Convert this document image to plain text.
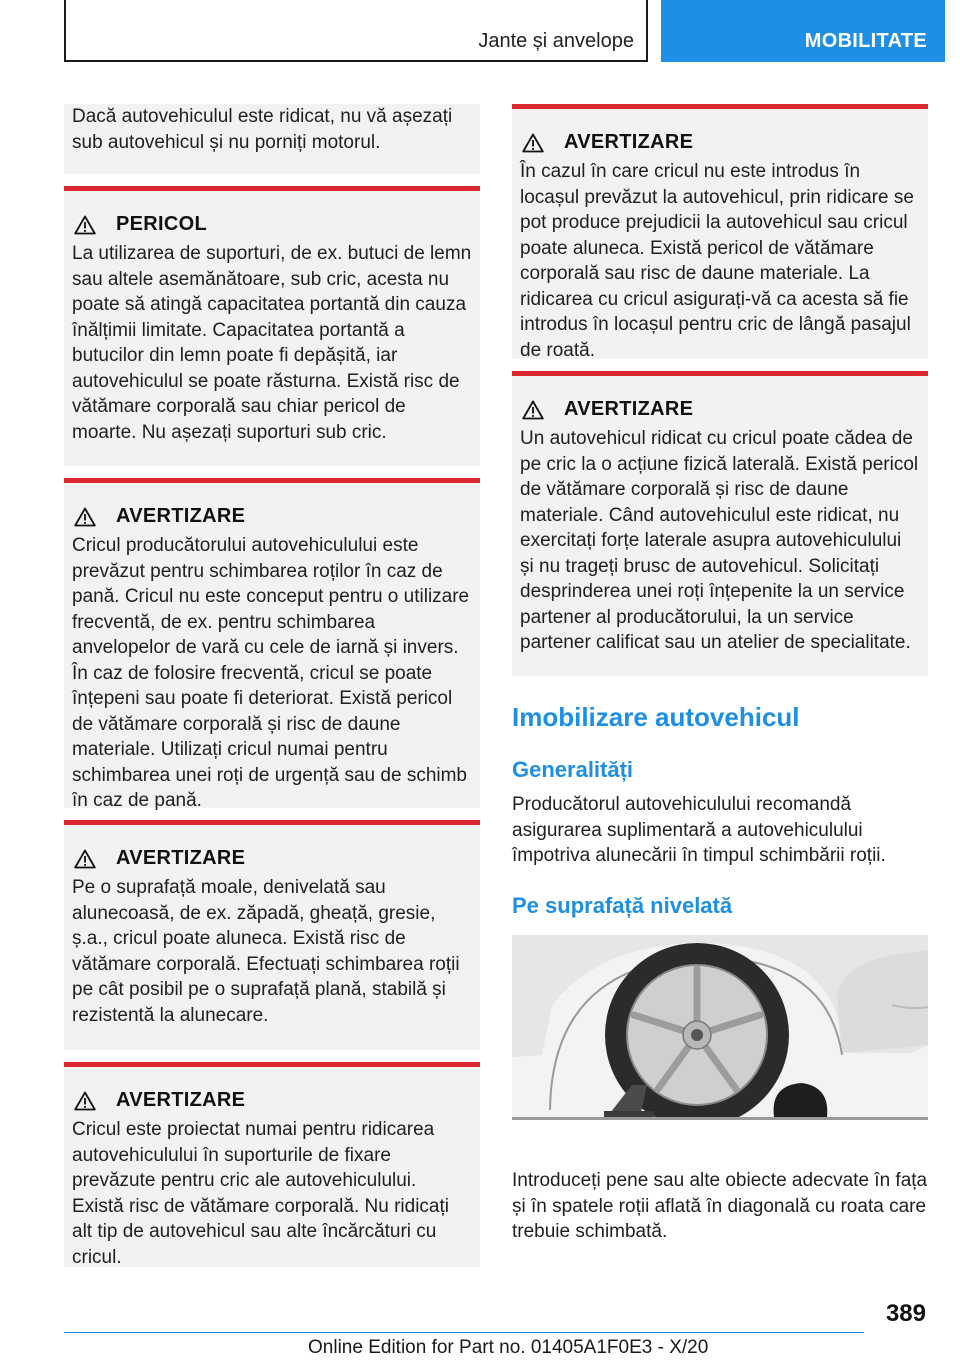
Jante și anvelope	MOBILITATE
Dacă autovehiculul este ridicat, nu vă așezați sub autovehicul și nu porniți motorul.
PERICOL
La utilizarea de suporturi, de ex. butuci de lemn sau altele asemănătoare, sub cric, acesta nu poate să atingă capacitatea portantă din cauza înălțimii limitate. Capacitatea portantă a butucilor din lemn poate fi depășită, iar autovehiculul se poate răsturna. Există risc de vătămare corporală sau chiar pericol de moarte. Nu așezați suporturi sub cric.
AVERTIZARE
Cricul producătorului autovehiculului este prevăzut pentru schimbarea roților în caz de pană. Cricul nu este conceput pentru o utilizare frecventă, de ex. pentru schimbarea anvelopelor de vară cu cele de iarnă și invers. În caz de folosire frecventă, cricul se poate înțepeni sau poate fi deteriorat. Există pericol de vătămare corporală și risc de daune materiale. Utilizați cricul numai pentru schimbarea unei roți de urgență sau de schimb în caz de pană.
AVERTIZARE
Pe o suprafață moale, denivelată sau alunecoasă, de ex. zăpadă, gheață, gresie, ș.a., cricul poate aluneca. Există risc de vătămare corporală. Efectuați schimbarea roții pe cât posibil pe o suprafață plană, stabilă și rezistentă la alunecare.
AVERTIZARE
Cricul este proiectat numai pentru ridicarea autovehiculului în suporturile de fixare prevăzute pentru cric ale autovehiculului. Există risc de vătămare corporală. Nu ridicați alt tip de autovehicul sau alte încărcături cu cricul.
AVERTIZARE
În cazul în care cricul nu este introdus în locașul prevăzut la autovehicul, prin ridicare se pot produce prejudicii la autovehicul sau cricul poate aluneca. Există pericol de vătămare corporală sau risc de daune materiale. La ridicarea cu cricul asigurați-vă ca acesta să fie introdus în locașul pentru cric de lângă pasajul de roată.
AVERTIZARE
Un autovehicul ridicat cu cricul poate cădea de pe cric la o acțiune fizică laterală. Există pericol de vătămare corporală și risc de daune materiale. Când autovehiculul este ridicat, nu exercitați forțe laterale asupra autovehiculului și nu trageți brusc de autovehicul. Solicitați desprinderea unei roți înțepenite la un service partener al producătorului, la un service partener calificat sau un atelier de specialitate.
Imobilizare autovehicul
Generalități
Producătorul autovehiculului recomandă asigurarea suplimentară a autovehiculului împotriva alunecării în timpul schimbării roții.
Pe suprafață nivelată
Introduceți pene sau alte obiecte adecvate în fața și în spatele roții aflată în diagonală cu roata care trebuie schimbată.
389
Online Edition for Part no. 01405A1F0E3 - X/20
